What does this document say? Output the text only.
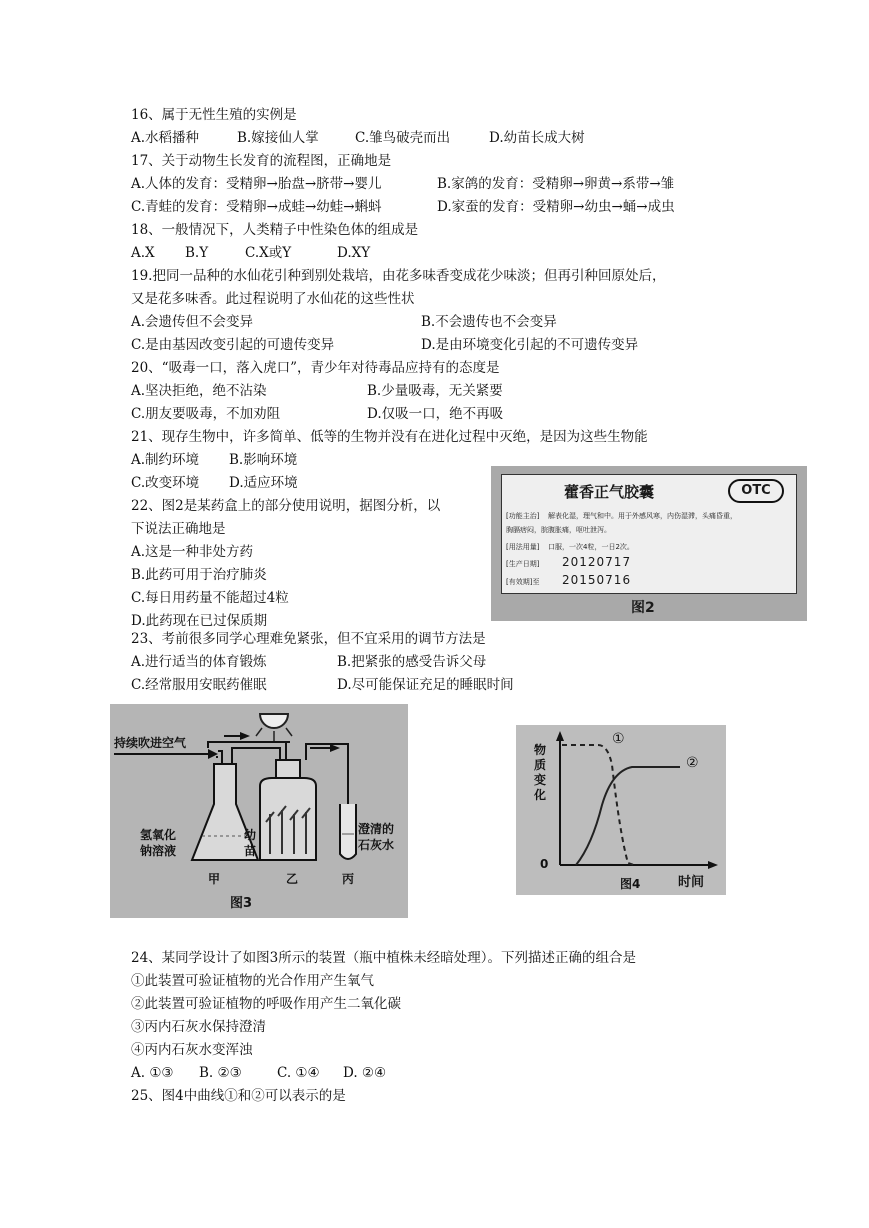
16、属于无性生殖的实例是
A.水稻播种	B.嫁接仙人掌	C.雏鸟破壳而出	D.幼苗长成大树
17、关于动物生长发育的流程图，正确地是
A.人体的发育：受精卵→胎盘→脐带→婴儿	B.家鸽的发育：受精卵→卵黄→系带→雏
C.青蛙的发育：受精卵→成蛙→幼蛙→蝌蚪	D.家蚕的发育：受精卵→幼虫→蛹→成虫
18、一般情况下，人类精子中性染色体的组成是
A.X B.Y	C.X或Y	D.XY
19.把同一品种的水仙花引种到别处栽培，由花多味香变成花少味淡；但再引种回原处后，
又是花多味香。此过程说明了水仙花的这些性状
A.会遗传但不会变异	B.不会遗传也不会变异
C.是由基因改变引起的可遗传变异	D.是由环境变化引起的不可遗传变异
20、“吸毒一口，落入虎口”，青少年对待毒品应持有的态度是
A.坚决拒绝，绝不沾染	B.少量吸毒，无关紧要
C.朋友要吸毒，不加劝阻	D.仅吸一口，绝不再吸
21、现存生物中，许多简单、低等的生物并没有在进化过程中灭绝，是因为这些生物能
A.制约环境 B.影响环境
C.改变环境 D.适应环境
22、图2是某药盒上的部分使用说明，据图分析，以
下说法正确地是
A.这是一种非处方药
B.此药可用于治疗肺炎
C.每日用药量不能超过4粒
D.此药现在已过保质期
藿香正气胶囊	OTC
[功能主治] 解表化湿，理气和中。用于外感风寒，内伤湿滞，头痛昏重，
胸膈痞闷，脘腹胀痛，呕吐泄泻。
[用法用量] 口服，一次4粒，一日2次。
[生产日期] 20120717
[有效期]至 20150716
图2
23、考前很多同学心理难免紧张，但不宜采用的调节方法是
A.进行适当的体育锻炼	B.把紧张的感受告诉父母
C.经常服用安眠药催眠	D.尽可能保证充足的睡眠时间
持续吹进空气
氢氧化
钠溶液
幼
苗
澄清的
石灰水
甲	乙	丙
图3
物质变化
时间
0
①
②
图4
24、某同学设计了如图3所示的装置（瓶中植株未经暗处理）。下列描述正确的组合是
①此装置可验证植物的光合作用产生氧气
②此装置可验证植物的呼吸作用产生二氧化碳
③丙内石灰水保持澄清
④丙内石灰水变浑浊
A. ①③ B. ②③	C. ①④ D. ②④
25、图4中曲线①和②可以表示的是
